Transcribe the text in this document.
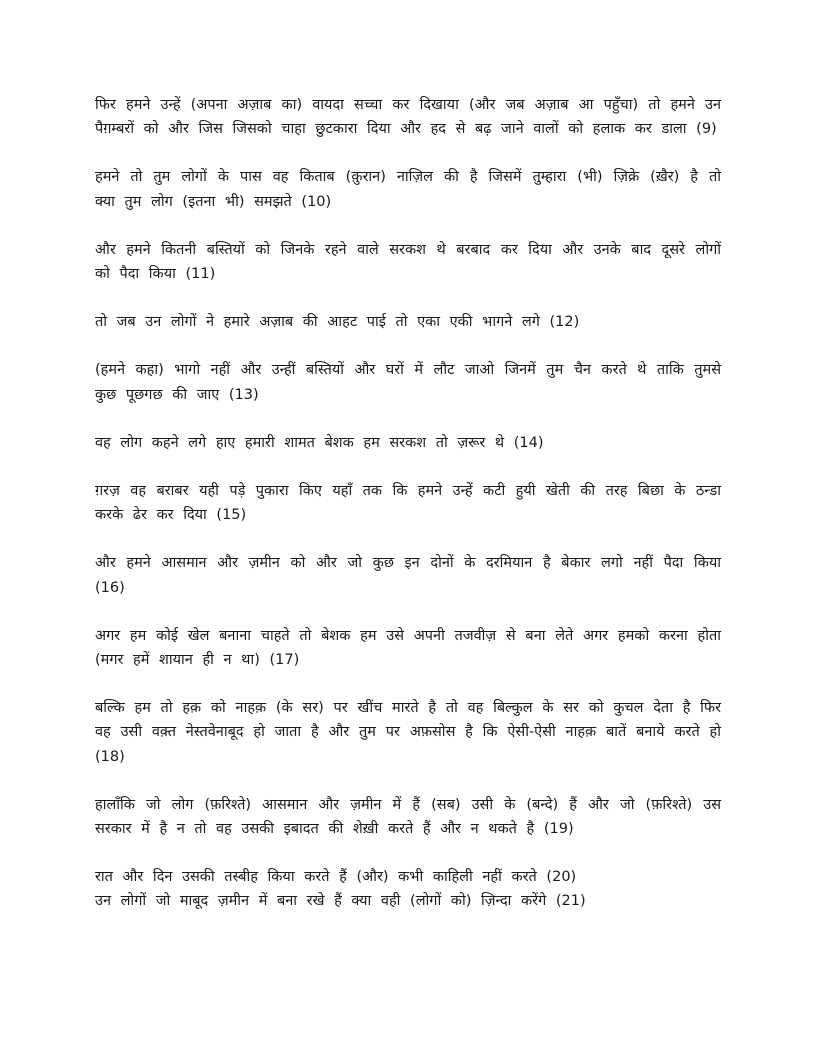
फिर हमने उन्हें (अपना अज़ाब का) वायदा सच्चा कर दिखाया (और जब अज़ाब आ पहुँचा) तो हमने उन पैग़म्बरों को और जिस जिसको चाहा छुटकारा दिया और हद से बढ़ जाने वालों को हलाक कर डाला (9)

हमने तो तुम लोगों के पास वह किताब (क़ुरान) नाज़िल की है जिसमें तुम्हारा (भी) ज़िक्रे (ख़ैर) है तो क्या तुम लोग (इतना भी) समझते (10)

और हमने कितनी बस्तियों को जिनके रहने वाले सरकश थे बरबाद कर दिया और उनके बाद दूसरे लोगों को पैदा किया (11)

तो जब उन लोगों ने हमारे अज़ाब की आहट पाई तो एका एकी भागने लगे (12)

(हमने कहा) भागो नहीं और उन्हीं बस्तियों और घरों में लौट जाओ जिनमें तुम चैन करते थे ताकि तुमसे कुछ पूछगछ की जाए (13)

वह लोग कहने लगे हाए हमारी शामत बेशक हम सरकश तो ज़रूर थे (14)

ग़रज़ वह बराबर यही पड़े पुकारा किए यहाँ तक कि हमने उन्हें कटी हुयी खेती की तरह बिछा के ठन्डा करके ढेर कर दिया (15)

और हमने आसमान और ज़मीन को और जो कुछ इन दोनों के दरमियान है बेकार लगो नहीं पैदा किया (16)

अगर हम कोई खेल बनाना चाहते तो बेशक हम उसे अपनी तजवीज़ से बना लेते अगर हमको करना होता (मगर हमें शायान ही न था) (17)

बल्कि हम तो हक़ को नाहक़ (के सर) पर खींच मारते है तो वह बिल्कुल के सर को कुचल देता है फिर वह उसी वक़्त नेस्तवेनाबूद हो जाता है और तुम पर अफ़सोस है कि ऐसी-ऐसी नाहक़ बातें बनाये करते हो (18)

हालाँकि जो लोग (फ़रिश्ते) आसमान और ज़मीन में हैं (सब) उसी के (बन्दे) हैं और जो (फ़रिश्ते) उस सरकार में है न तो वह उसकी इबादत की शेख़ी करते हैं और न थकते है (19)

रात और दिन उसकी तस्बीह किया करते हैं (और) कभी काहिली नहीं करते (20)

उन लोगों जो माबूद ज़मीन में बना रखे हैं क्या वही (लोगों को) ज़िन्दा करेंगे (21)
